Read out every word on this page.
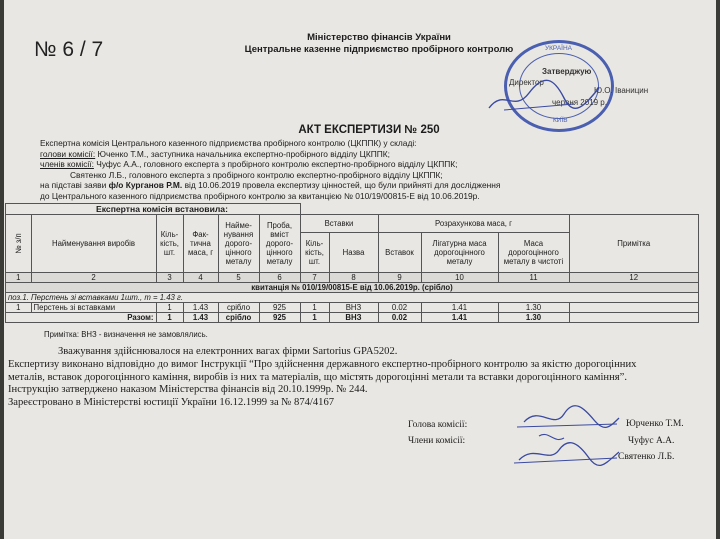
№ 6 / 7
Міністерство фінансів України
Центральне казенне підприємство пробірного контролю	УКРАЇНА
КИЇВ
Затверджую
Директор
Ю.О. Іваницин
червня 2019 р.
АКТ ЕКСПЕРТИЗИ № 250
Експертна комісія Центрального казенного підприємства пробірного контролю (ЦКППК) у складі:
голови комісії: Юченко Т.М., заступника начальника експертно-пробірного відділу ЦКППК;
членів комісії: Чуфус А.А., головного експерта з пробірного контролю експертно-пробірного відділу ЦКППК;
Святенко Л.Б., головного експерта з пробірного контролю експертно-пробірного відділу ЦКППК;
на підставі заяви ф/о Курганов Р.М. від 10.06.2019 провела експертизу цінностей, що були прийняті для дослідження
до Центрального казенного підприємства пробірного контролю за квитанцією № 010/19/00815-Е від 10.06.2019р.
Експертна комісія встановила:											

№ з/п	Найменування виробів	Кіль-кість, шт.	Фак-тична маса, г	Найме-нування дорого-цінного металу	Проба, вміст дорого-цінного металу	Вставки		Розрахункова маса, г			Примітка
						Кіль-кість, шт.	Назва	Вставок	Лігатурна маса дорогоцінного металу	Маса дорогоцінного металу в чистоті	
1	2	3	4	5	6	7	8	9	10	11	12
квитанція № 010/19/00815-Е від 10.06.2019р. (срібло)											
поз.1. Перстень зі вставками 1шт., m = 1.43 г.											
1	Перстень зі вставками	1	1.43	срібло	925	1	ВНЗ	0.02	1.41	1.30	
Разом:		1	1.43	срібло	925	1	ВНЗ	0.02	1.41	1.30	
Примітка: ВНЗ - визначення не замовлялись.
Зважування здійснювалося на електронних вагах фірми Sartorius GPA5202.
Експертизу виконано відповідно до вимог Інструкції “Про здійснення державного експертно-пробірного контролю за якістю дорогоцінних
металів, вставок дорогоцінного каміння, виробів із них та матеріалів, що містять дорогоцінні метали та вставки дорогоцінного каміння”.
Інструкцію затверджено наказом Міністерства фінансів від 20.10.1999р. № 244.
Зареєстровано в Міністерстві юстиції України 16.12.1999 за № 874/4167
Голова комісії:	Юрченко Т.М.
Члени комісії:	Чуфус А.А.
Святенко Л.Б.
